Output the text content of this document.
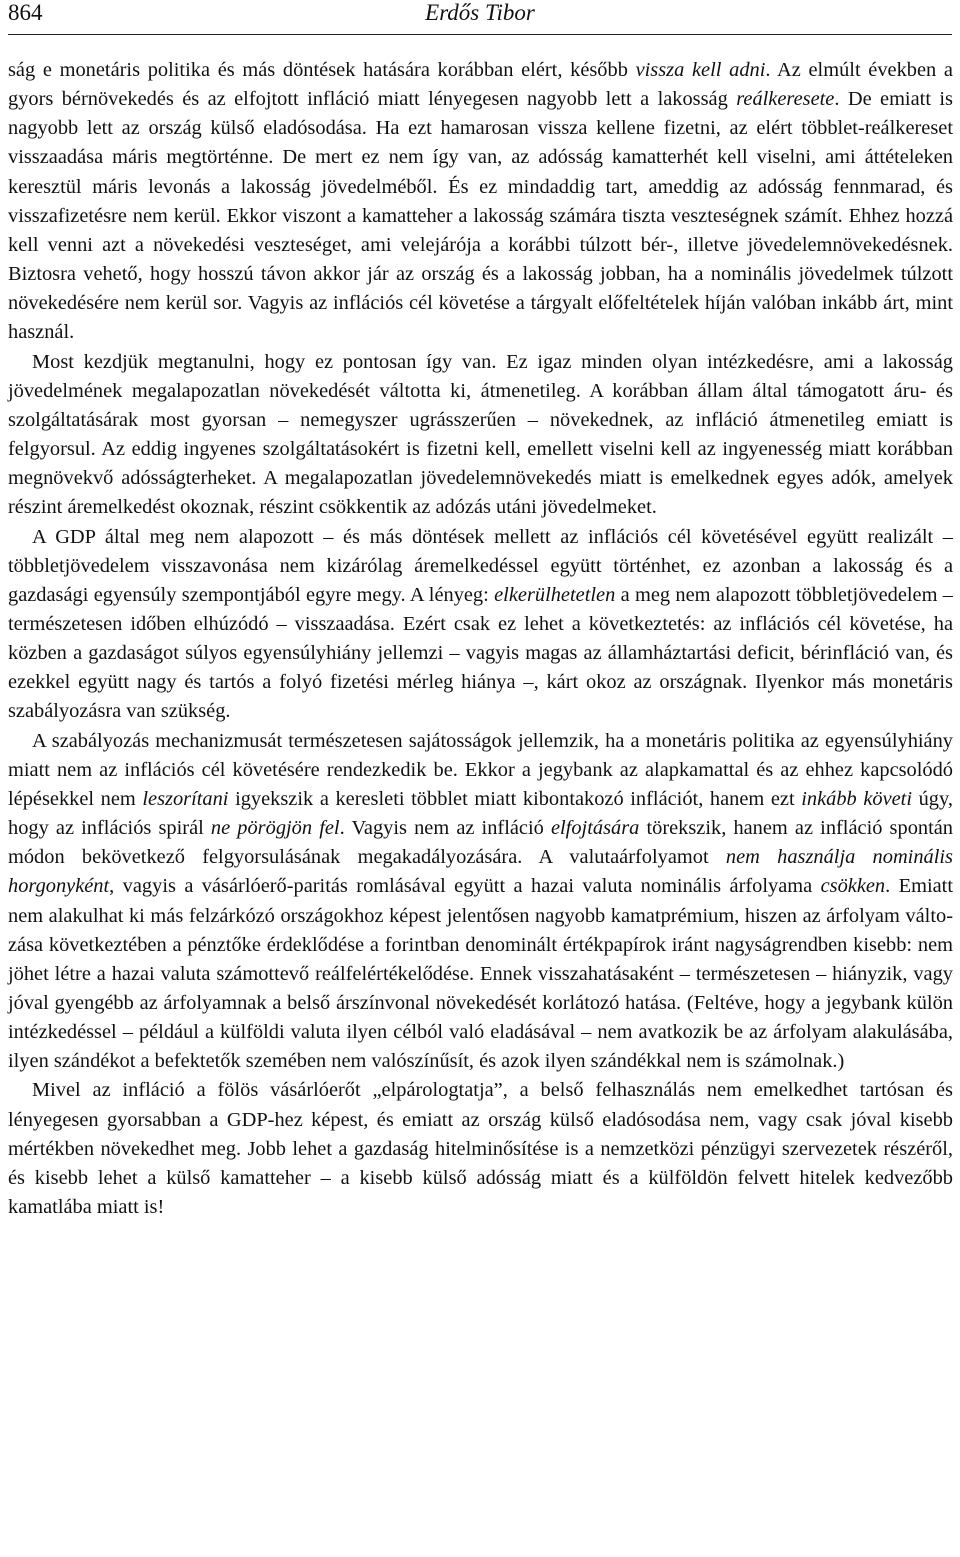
864	Erdős Tibor

ság e monetáris politika és más döntések hatására korábban elért, később vissza kell adni. Az elmúlt években a gyors bérnövekedés és az elfojtott infláció miatt lényegesen nagyobb lett a lakosság reálkeresete. De emiatt is nagyobb lett az ország külső eladósodása. Ha ezt hamarosan vissza kellene fizetni, az elért többlet-reálkereset visszaadása máris megtörténne. De mert ez nem így van, az adósság kamatterhét kell viselni, ami áttételeken keresztül máris levonás a lakosság jövedelméből. És ez mindaddig tart, ameddig az adósság fennmarad, és visszafizetésre nem kerül. Ekkor viszont a kamatteher a lakosság számára tiszta veszteségnek számít. Ehhez hozzá kell venni azt a növekedési veszteséget, ami velejárója a korábbi túlzott bér-, illetve jövedelemnövekedésnek. Biztosra vehető, hogy hosszú távon akkor jár az ország és a lakosság jobban, ha a nominális jövedelmek túlzott növekedésére nem kerül sor. Vagyis az inflációs cél követése a tárgyalt előfeltételek híján valóban inkább árt, mint használ.

Most kezdjük megtanulni, hogy ez pontosan így van. Ez igaz minden olyan intézkedésre, ami a lakosság jövedelmének megalapozatlan növekedését váltotta ki, átmenetileg. A korábban állam által támogatott áru- és szolgáltatásárak most gyorsan – nemegyszer ugrásszerűen – növekednek, az infláció átmenetileg emiatt is felgyorsul. Az eddig ingyenes szolgáltatásokért is fizetni kell, emellett viselni kell az ingyenesség miatt korábban megnövekvő adósságterheket. A megalapozatlan jövedelemnövekedés miatt is emelkednek egyes adók, amelyek részint áremelkedést okoznak, részint csökkentik az adózás utáni jövedelmeket.

A GDP által meg nem alapozott – és más döntések mellett az inflációs cél követésével együtt realizált – többletjövedelem visszavonása nem kizárólag áremelkedéssel együtt történhet, ez azonban a lakosság és a gazdasági egyensúly szempontjából egyre megy. A lényeg: elkerülhetetlen a meg nem alapozott többletjövedelem – természetesen időben elhúzódó – visszaadása. Ezért csak ez lehet a következtetés: az inflációs cél követése, ha közben a gazdaságot súlyos egyensúlyhiány jellemzi – vagyis magas az államháztartási deficit, bérinfláció van, és ezekkel együtt nagy és tartós a folyó fizetési mérleg hiánya –, kárt okoz az országnak. Ilyenkor más monetáris szabályozásra van szükség.

A szabályozás mechanizmusát természetesen sajátosságok jellemzik, ha a monetáris politika az egyensúlyhiány miatt nem az inflációs cél követésére rendezkedik be. Ekkor a jegybank az alapkamattal és az ehhez kapcsolódó lépésekkel nem leszorítani igyekszik a keresleti többlet miatt kibontakozó inflációt, hanem ezt inkább követi úgy, hogy az inflációs spirál ne pörögjön fel. Vagyis nem az infláció elfojtására törekszik, hanem az infláció spontán módon bekövetkező felgyorsulásának megakadályozására. A valutaárfolyamot nem használja nominális horgonyként, vagyis a vásárlóerő-paritás romlásával együtt a hazai valuta nominális árfolyama csökken. Emiatt nem alakulhat ki más felzárkózó országokhoz képest jelentősen nagyobb kamatprémium, hiszen az árfolyam változása következtében a pénztőke érdeklődése a forintban denominált értékpapírok iránt nagyságrendben kisebb: nem jöhet létre a hazai valuta számottevő reálfelértékelődése. Ennek visszahatásaként – természetesen – hiányzik, vagy jóval gyengébb az árfolyamnak a belső árszínvonal növekedését korlátozó hatása. (Feltéve, hogy a jegybank külön intézkedéssel – például a külföldi valuta ilyen célból való eladásával – nem avatkozik be az árfolyam alakulásába, ilyen szándékot a befektetők szemében nem valószínűsít, és azok ilyen szándékkal nem is számolnak.)

Mivel az infláció a fölös vásárlóerőt „elpárologtatja”, a belső felhasználás nem emelkedhet tartósan és lényegesen gyorsabban a GDP-hez képest, és emiatt az ország külső eladósodása nem, vagy csak jóval kisebb mértékben növekedhet meg. Jobb lehet a gazdaság hitelminősítése is a nemzetközi pénzügyi szervezetek részéről, és kisebb lehet a külső kamatteher – a kisebb külső adósság miatt és a külföldön felvett hitelek kedvezőbb kamatlába miatt is!
